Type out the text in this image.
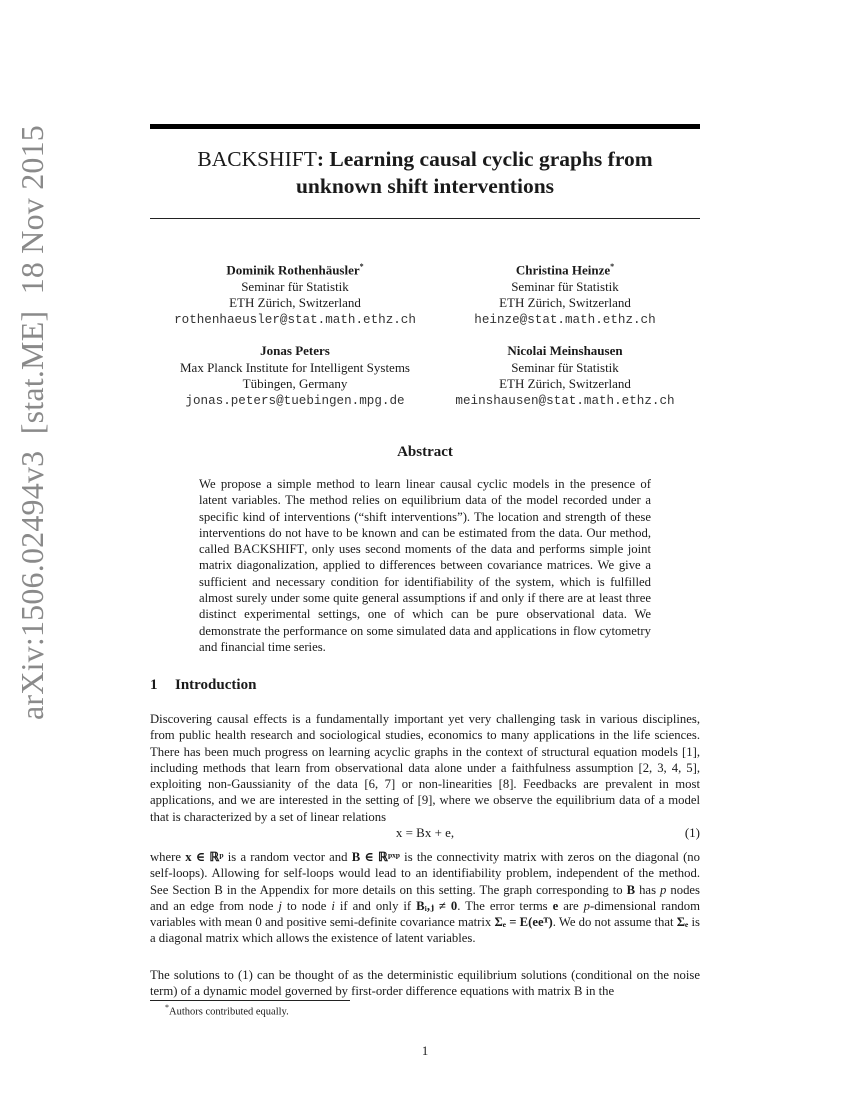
arXiv:1506.02494v3  [stat.ME]  18 Nov 2015	BACKSHIFT: Learning causal cyclic graphs from
unknown shift interventions
Dominik Rothenhäusler*
Seminar für Statistik
ETH Zürich, Switzerland
rothenhaeusler@stat.math.ethz.ch
Christina Heinze*
Seminar für Statistik
ETH Zürich, Switzerland
heinze@stat.math.ethz.ch
Jonas Peters
Max Planck Institute for Intelligent Systems
Tübingen, Germany
jonas.peters@tuebingen.mpg.de
Nicolai Meinshausen
Seminar für Statistik
ETH Zürich, Switzerland
meinshausen@stat.math.ethz.ch
Abstract
We propose a simple method to learn linear causal cyclic models in the presence of latent variables. The method relies on equilibrium data of the model recorded under a specific kind of interventions (“shift interventions”). The location and strength of these interventions do not have to be known and can be estimated from the data. Our method, called BACKSHIFT, only uses second moments of the data and performs simple joint matrix diagonalization, applied to differences between covariance matrices. We give a sufficient and necessary condition for identifiability of the system, which is fulfilled almost surely under some quite general assumptions if and only if there are at least three distinct experimental settings, one of which can be pure observational data. We demonstrate the performance on some simulated data and applications in flow cytometry and financial time series.
1 Introduction
Discovering causal effects is a fundamentally important yet very challenging task in various disciplines, from public health research and sociological studies, economics to many applications in the life sciences. There has been much progress on learning acyclic graphs in the context of structural equation models [1], including methods that learn from observational data alone under a faithfulness assumption [2, 3, 4, 5], exploiting non-Gaussianity of the data [6, 7] or non-linearities [8]. Feedbacks are prevalent in most applications, and we are interested in the setting of [9], where we observe the equilibrium data of a model that is characterized by a set of linear relations
x = Bx + e,	(1)
where x ∈ ℝᵖ is a random vector and B ∈ ℝᵖˣᵖ is the connectivity matrix with zeros on the diagonal (no self-loops). Allowing for self-loops would lead to an identifiability problem, independent of the method. See Section B in the Appendix for more details on this setting. The graph corresponding to B has p nodes and an edge from node j to node i if and only if Bᵢ,ⱼ ≠ 0. The error terms e are p-dimensional random variables with mean 0 and positive semi-definite covariance matrix Σₑ = E(eeᵀ). We do not assume that Σₑ is a diagonal matrix which allows the existence of latent variables.
The solutions to (1) can be thought of as the deterministic equilibrium solutions (conditional on the noise term) of a dynamic model governed by first-order difference equations with matrix B in the
*Authors contributed equally.
1
